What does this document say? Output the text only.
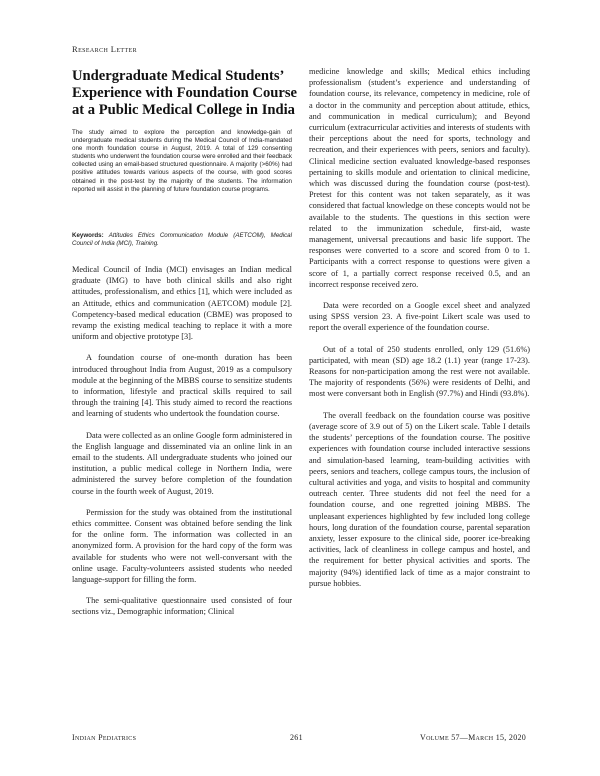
Research Letter
Undergraduate Medical Students’ Experience with Foundation Course at a Public Medical College in India
The study aimed to explore the perception and knowledge-gain of undergraduate medical students during the Medical Council of India-mandated one month foundation course in August, 2019. A total of 129 consenting students who underwent the foundation course were enrolled and their feedback collected using an email-based structured questionnaire. A majority (>60%) had positive attitudes towards various aspects of the course, with good scores obtained in the post-test by the majority of the students. The information reported will assist in the planning of future foundation course programs.
Keywords: Attitudes Ethics Communication Module (AETCOM), Medical Council of India (MCI), Training.

Medical Council of India (MCI) envisages an Indian medical graduate (IMG) to have both clinical skills and also right attitudes, professionalism, and ethics [1], which were included as an Attitude, ethics and communication (AETCOM) module [2]. Competency-based medical education (CBME) was proposed to revamp the existing medical teaching to replace it with a more uniform and objective prototype [3].

A foundation course of one-month duration has been introduced throughout India from August, 2019 as a compulsory module at the beginning of the MBBS course to sensitize students to information, lifestyle and practical skills required to sail through the training [4]. This study aimed to record the reactions and learning of students who undertook the foundation course.

Data were collected as an online Google form administered in the English language and disseminated via an online link in an email to the students. All undergraduate students who joined our institution, a public medical college in Northern India, were administered the survey before completion of the foundation course in the fourth week of August, 2019.

Permission for the study was obtained from the institutional ethics committee. Consent was obtained before sending the link for the online form. The information was collected in an anonymized form. A provision for the hard copy of the form was available for students who were not well-conversant with the online usage. Faculty-volunteers assisted students who needed language-support for filling the form.

The semi-qualitative questionnaire used consisted of four sections viz., Demographic information; Clinical

medicine knowledge and skills; Medical ethics including professionalism (student’s experience and understanding of foundation course, its relevance, competency in medicine, role of a doctor in the community and perception about attitude, ethics, and communication in medical curriculum); and Beyond curriculum (extracurricular activities and interests of students with their perceptions about the need for sports, technology and recreation, and their experiences with peers, seniors and faculty). Clinical medicine section evaluated knowledge-based responses pertaining to skills module and orientation to clinical medicine, which was discussed during the foundation course (post-test). Pretest for this content was not taken separately, as it was considered that factual knowledge on these concepts would not be available to the students. The questions in this section were related to the immunization schedule, first-aid, waste management, universal precautions and basic life support. The responses were converted to a score and scored from 0 to 1. Participants with a correct response to questions were given a score of 1, a partially correct response received 0.5, and an incorrect response received zero.

Data were recorded on a Google excel sheet and analyzed using SPSS version 23. A five-point Likert scale was used to report the overall experience of the foundation course.

Out of a total of 250 students enrolled, only 129 (51.6%) participated, with mean (SD) age 18.2 (1.1) year (range 17-23). Reasons for non-participation among the rest were not available. The majority of respondents (56%) were residents of Delhi, and most were conversant both in English (97.7%) and Hindi (93.8%).

The overall feedback on the foundation course was positive (average score of 3.9 out of 5) on the Likert scale. Table I details the students’ perceptions of the foundation course. The positive experiences with foundation course included interactive sessions and simulation-based learning, team-building activities with peers, seniors and teachers, college campus tours, the inclusion of cultural activities and yoga, and visits to hospital and community outreach center. Three students did not feel the need for a foundation course, and one regretted joining MBBS. The unpleasant experiences highlighted by few included long college hours, long duration of the foundation course, parental separation anxiety, lesser exposure to the clinical side, poorer ice-breaking activities, lack of cleanliness in college campus and hostel, and the requirement for better physical activities and sports. The majority (94%) identified lack of time as a major constraint to pursue hobbies.

Indian Pediatrics	261	Volume 57—March 15, 2020
